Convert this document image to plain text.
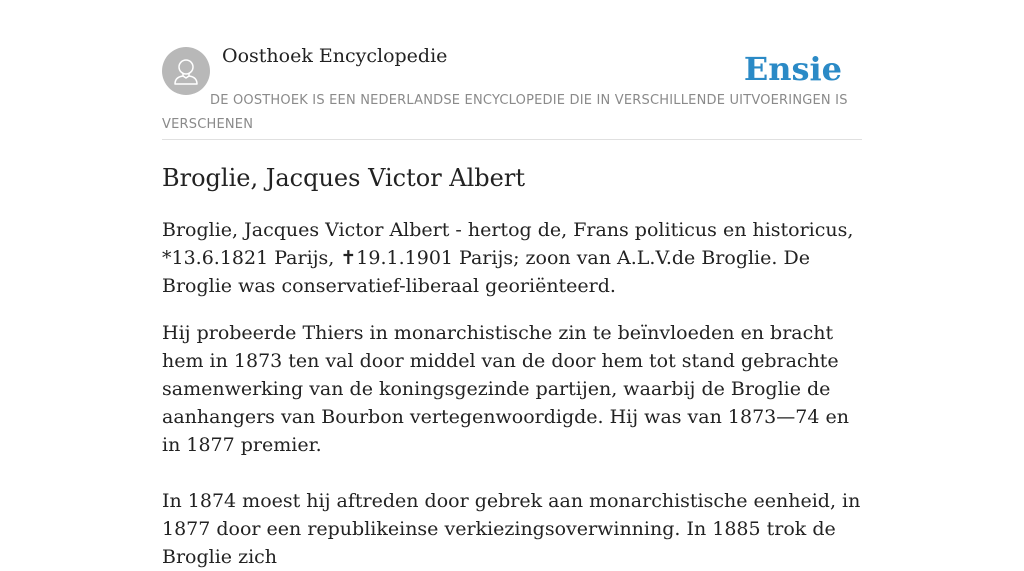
Oosthoek Encyclopedie	Ensie
DE OOSTHOEK IS EEN NEDERLANDSE ENCYCLOPEDIE DIE IN VERSCHILLENDE UITVOERINGEN IS VERSCHENEN
Broglie, Jacques Victor Albert

Broglie, Jacques Victor Albert - hertog de, Frans politicus en historicus, *13.6.1821 Parijs, ✝19.1.1901 Parijs; zoon van A.L.V.de Broglie. De Broglie was conservatief-liberaal georiënteerd.

Hij probeerde Thiers in monarchistische zin te beïnvloeden en bracht hem in 1873 ten val door middel van de door hem tot stand gebrachte samenwerking van de koningsgezinde partijen, waarbij de Broglie de aanhangers van Bourbon vertegenwoordigde. Hij was van 1873—74 en in 1877 premier.

In 1874 moest hij aftreden door gebrek aan monarchistische eenheid, in 1877 door een republikeinse verkiezingsoverwinning. In 1885 trok de Broglie zich
